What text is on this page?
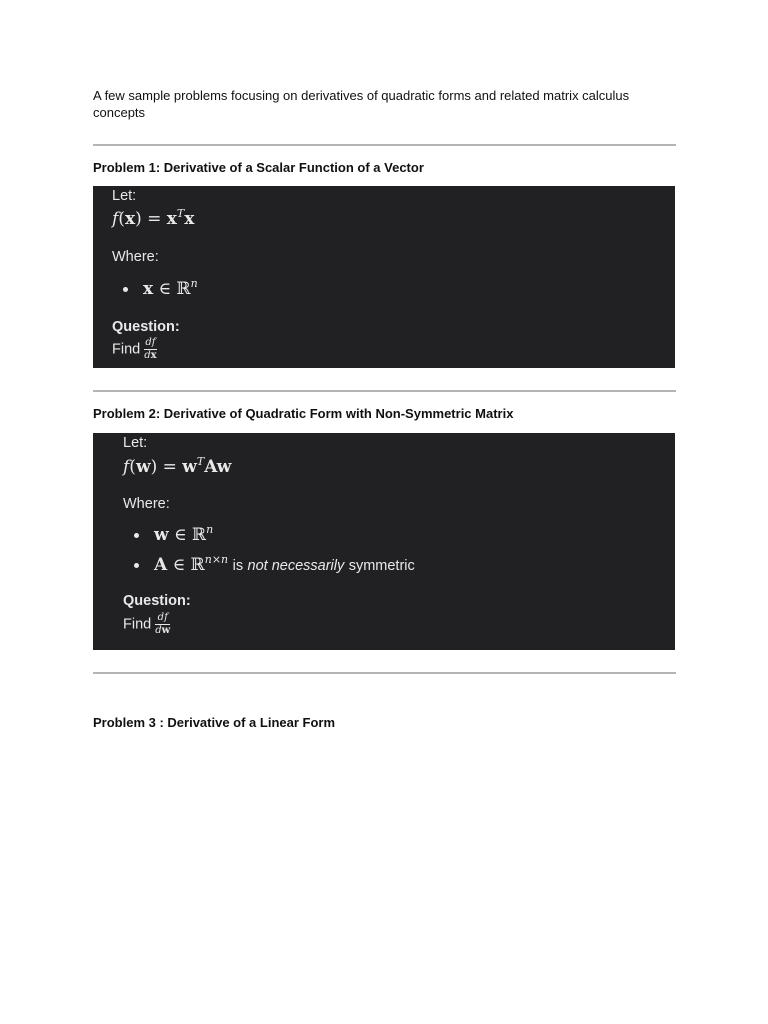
A few sample problems focusing on derivatives of quadratic forms and related matrix calculus concepts

Problem 1: Derivative of a Scalar Function of a Vector

Let:
$f(x) = x^Tx$
Where:
x ∈ ℝ$^n$
Question:
Find $\frac{df}{dx}$

Problem 2: Derivative of Quadratic Form with Non-Symmetric Matrix

Let:
$f(w) = w^TAw$
Where:
w ∈ ℝ$^n$
A ∈ ℝ$^{n\times n}$ is not necessarily symmetric
Question:
Find $\frac{df}{dw}$

Problem 3 : Derivative of a Linear Form
